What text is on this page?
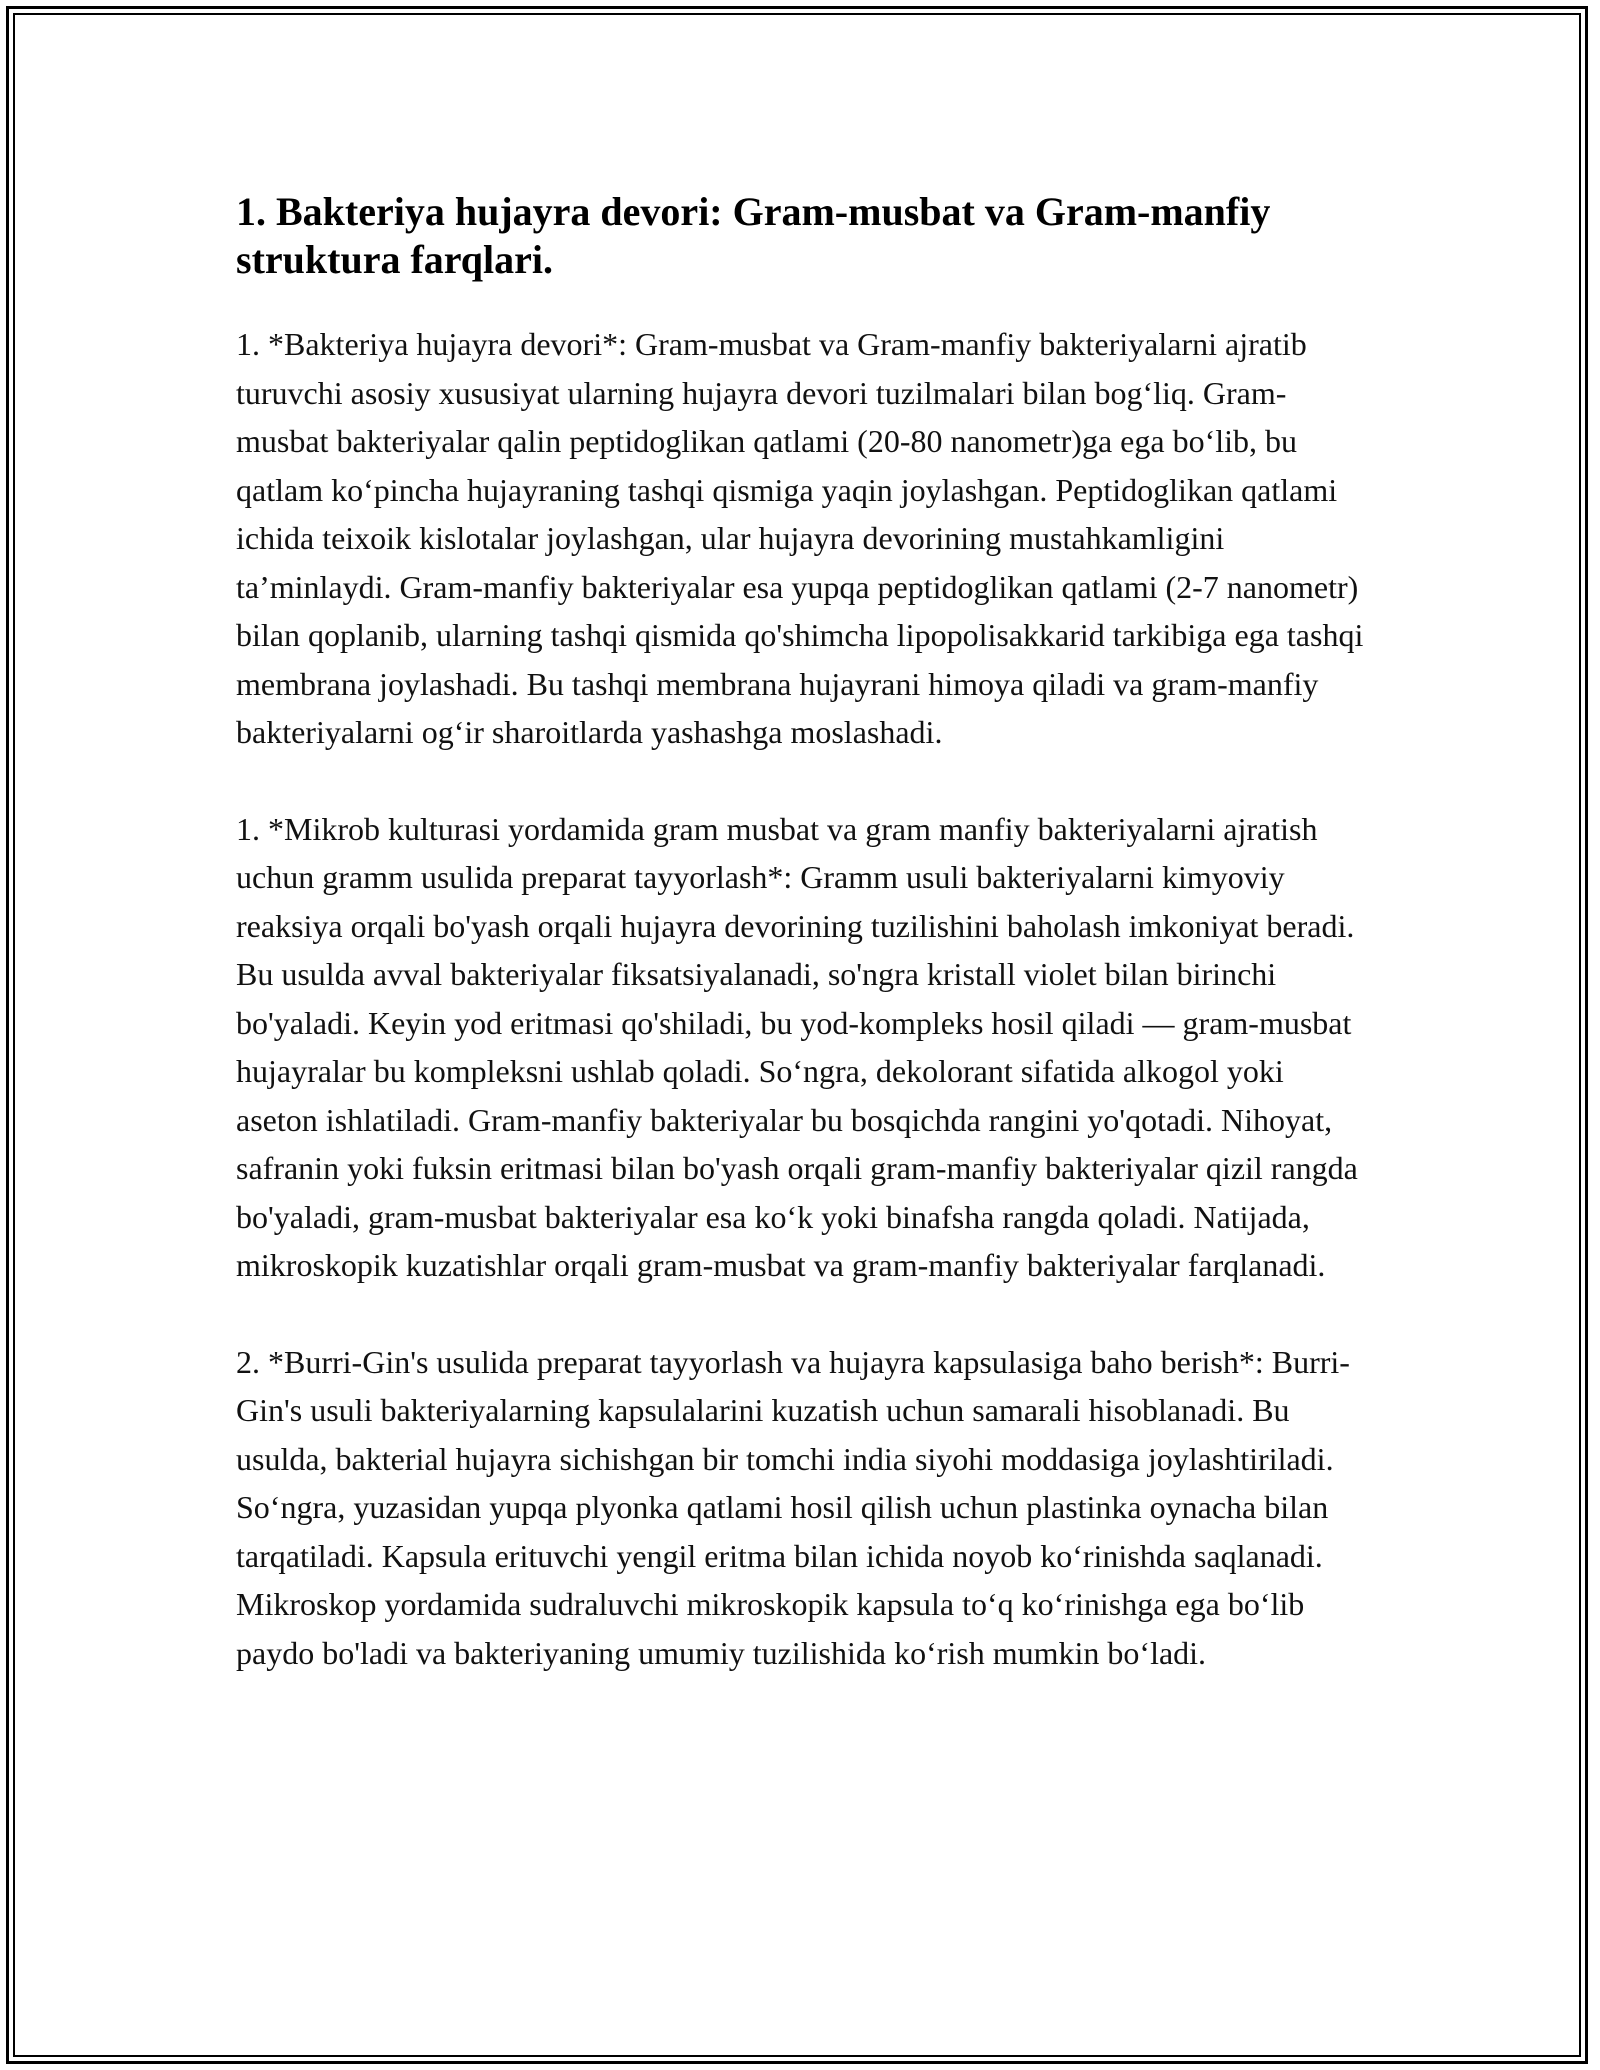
1. Bakteriya hujayra devori: Gram-musbat va Gram-manfiy struktura farqlari.

1. *Bakteriya hujayra devori*: Gram-musbat va Gram-manfiy bakteriyalarni ajratib turuvchi asosiy xususiyat ularning hujayra devori tuzilmalari bilan bog‘liq. Gram-musbat bakteriyalar qalin peptidoglikan qatlami (20-80 nanometr)ga ega bo‘lib, bu qatlam ko‘pincha hujayraning tashqi qismiga yaqin joylashgan. Peptidoglikan qatlami ichida teixoik kislotalar joylashgan, ular hujayra devorining mustahkamligini ta’minlaydi. Gram-manfiy bakteriyalar esa yupqa peptidoglikan qatlami (2-7 nanometr) bilan qoplanib, ularning tashqi qismida qo'shimcha lipopolisakkarid tarkibiga ega tashqi membrana joylashadi. Bu tashqi membrana hujayrani himoya qiladi va gram-manfiy bakteriyalarni og‘ir sharoitlarda yashashga moslashadi.

1. *Mikrob kulturasi yordamida gram musbat va gram manfiy bakteriyalarni ajratish uchun gramm usulida preparat tayyorlash*: Gramm usuli bakteriyalarni kimyoviy reaksiya orqali bo'yash orqali hujayra devorining tuzilishini baholash imkoniyat beradi. Bu usulda avval bakteriyalar fiksatsiyalanadi, so'ngra kristall violet bilan birinchi bo'yaladi. Keyin yod eritmasi qo'shiladi, bu yod-kompleks hosil qiladi — gram-musbat hujayralar bu kompleksni ushlab qoladi. So‘ngra, dekolorant sifatida alkogol yoki aseton ishlatiladi. Gram-manfiy bakteriyalar bu bosqichda rangini yo'qotadi. Nihoyat, safranin yoki fuksin eritmasi bilan bo'yash orqali gram-manfiy bakteriyalar qizil rangda bo'yaladi, gram-musbat bakteriyalar esa ko‘k yoki binafsha rangda qoladi. Natijada, mikroskopik kuzatishlar orqali gram-musbat va gram-manfiy bakteriyalar farqlanadi.

2. *Burri-Gin's usulida preparat tayyorlash va hujayra kapsulasiga baho berish*: Burri-Gin's usuli bakteriyalarning kapsulalarini kuzatish uchun samarali hisoblanadi. Bu usulda, bakterial hujayra sichishgan bir tomchi india siyohi moddasiga joylashtiriladi. So‘ngra, yuzasidan yupqa plyonka qatlami hosil qilish uchun plastinka oynacha bilan tarqatiladi. Kapsula erituvchi yengil eritma bilan ichida noyob ko‘rinishda saqlanadi. Mikroskop yordamida sudraluvchi mikroskopik kapsula to‘q ko‘rinishga ega bo‘lib paydo bo'ladi va bakteriyaning umumiy tuzilishida ko‘rish mumkin bo‘ladi.
